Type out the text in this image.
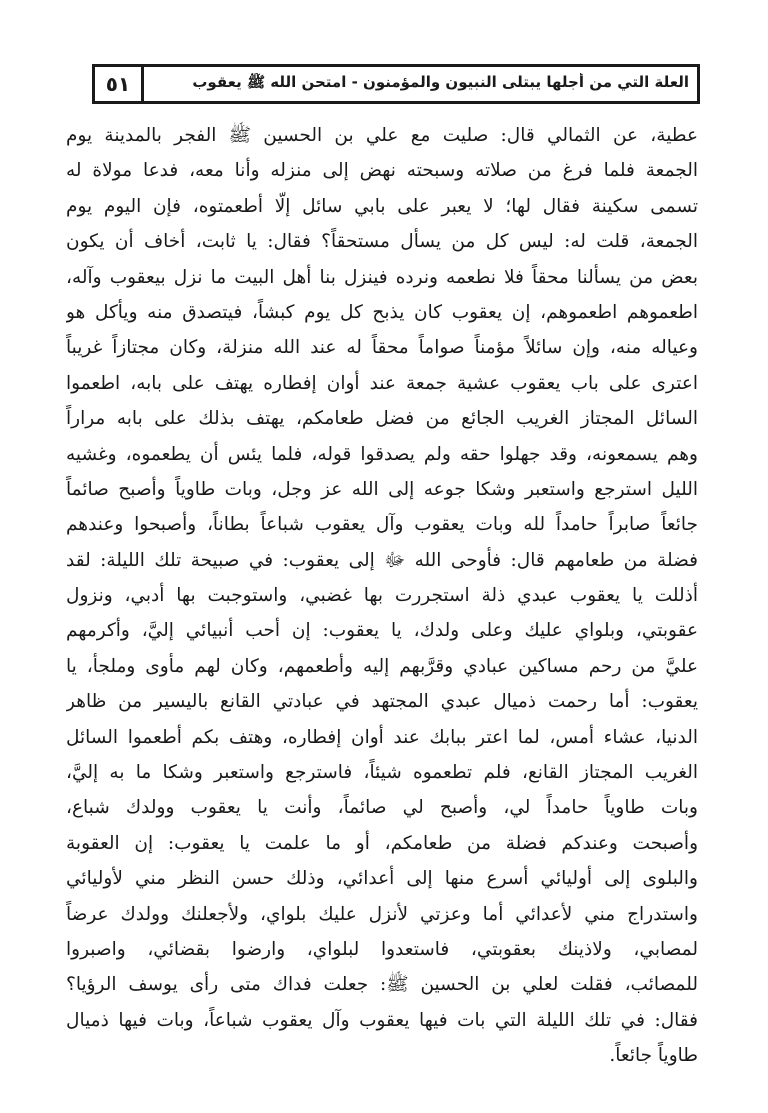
العلة التي من أجلها يبتلى النبيون والمؤمنون - امتحن الله ﷺ يعقوب
٥١
عطية، عن الثمالي قال: صليت مع علي بن الحسين ﷺ الفجر بالمدينة يوم
الجمعة فلما فرغ من صلاته وسبحته نهض إلى منزله وأنا معه، فدعا مولاة له
تسمى سكينة فقال لها؛ لا يعبر على بابي سائل إلّا أطعمتوه، فإن اليوم يوم
الجمعة، قلت له: ليس كل من يسأل مستحقاً؟ فقال: يا ثابت، أخاف أن يكون
بعض من يسألنا محقاً فلا نطعمه ونرده فينزل بنا أهل البيت ما نزل بيعقوب وآله،
اطعموهم اطعموهم، إن يعقوب كان يذبح كل يوم كبشاً، فيتصدق منه ويأكل هو
وعياله منه، وإن سائلاً مؤمناً صواماً محقاً له عند الله منزلة، وكان مجتازاً غريباً
اعترى على باب يعقوب عشية جمعة عند أوان إفطاره يهتف على بابه، اطعموا
السائل المجتاز الغريب الجائع من فضل طعامكم، يهتف بذلك على بابه مراراً
وهم يسمعونه، وقد جهلوا حقه ولم يصدقوا قوله، فلما يئس أن يطعموه، وغشيه
الليل استرجع واستعبر وشكا جوعه إلى الله عز وجل، وبات طاوياً وأصبح صائماً
جائعاً صابراً حامداً لله وبات يعقوب وآل يعقوب شباعاً بطاناً، وأصبحوا وعندهم
فضلة من طعامهم قال: فأوحى الله ﷻ إلى يعقوب: في صبيحة تلك الليلة: لقد
أذللت يا يعقوب عبدي ذلة استجررت بها غضبي، واستوجبت بها أدبي، ونزول
عقوبتي، وبلواي عليك وعلى ولدك، يا يعقوب: إن أحب أنبيائي إليَّ، وأكرمهم
عليَّ من رحم مساكين عبادي وقرَّبهم إليه وأطعمهم، وكان لهم مأوى وملجأ، يا
يعقوب: أما رحمت ذميال عبدي المجتهد في عبادتي القانع باليسير من ظاهر
الدنيا، عشاء أمس، لما اعتر ببابك عند أوان إفطاره، وهتف بكم أطعموا السائل
الغريب المجتاز القانع، فلم تطعموه شيئاً، فاسترجع واستعبر وشكا ما به إليَّ،
وبات طاوياً حامداً لي، وأصبح لي صائماً، وأنت يا يعقوب وولدك شباع،
وأصبحت وعندكم فضلة من طعامكم، أو ما علمت يا يعقوب: إن العقوبة
والبلوى إلى أوليائي أسرع منها إلى أعدائي، وذلك حسن النظر مني لأوليائي
واستدراج مني لأعدائي أما وعزتي لأنزل عليك بلواي، ولأجعلنك وولدك عرضاً
لمصابي، ولاذينك بعقوبتي، فاستعدوا لبلواي، وارضوا بقضائي، واصبروا
للمصائب، فقلت لعلي بن الحسين ﷺ: جعلت فداك متى رأى يوسف الرؤيا؟
فقال: في تلك الليلة التي بات فيها يعقوب وآل يعقوب شباعاً، وبات فيها ذميال
طاوياً جائعاً.
